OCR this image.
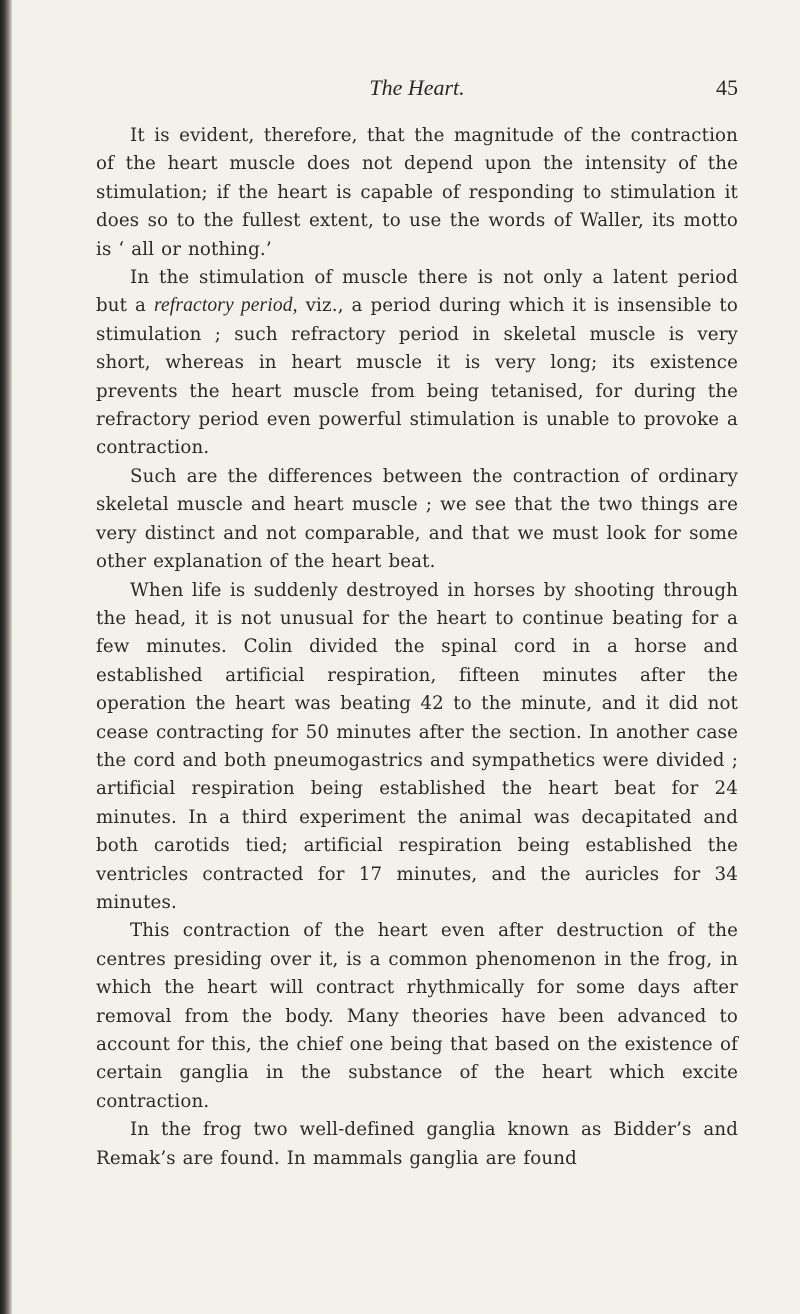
The Heart.	45

It is evident, therefore, that the magnitude of the contraction of the heart muscle does not depend upon the intensity of the stimulation; if the heart is capable of responding to stimulation it does so to the fullest extent, to use the words of Waller, its motto is ‘ all or nothing.’

In the stimulation of muscle there is not only a latent period but a refractory period, viz., a period during which it is insensible to stimulation ; such refractory period in skeletal muscle is very short, whereas in heart muscle it is very long; its existence prevents the heart muscle from being tetanised, for during the refractory period even powerful stimulation is unable to provoke a contraction.

Such are the differences between the contraction of ordinary skeletal muscle and heart muscle ; we see that the two things are very distinct and not comparable, and that we must look for some other explanation of the heart beat.

When life is suddenly destroyed in horses by shooting through the head, it is not unusual for the heart to continue beating for a few minutes. Colin divided the spinal cord in a horse and established artificial respiration, fifteen minutes after the operation the heart was beating 42 to the minute, and it did not cease contracting for 50 minutes after the section. In another case the cord and both pneumogastrics and sympathetics were divided ; artificial respiration being established the heart beat for 24 minutes. In a third experiment the animal was decapitated and both carotids tied; artificial respiration being established the ventricles contracted for 17 minutes, and the auricles for 34 minutes.

This contraction of the heart even after destruction of the centres presiding over it, is a common phenomenon in the frog, in which the heart will contract rhythmically for some days after removal from the body. Many theories have been advanced to account for this, the chief one being that based on the existence of certain ganglia in the substance of the heart which excite contraction.

In the frog two well-defined ganglia known as Bidder’s and Remak’s are found. In mammals ganglia are found
